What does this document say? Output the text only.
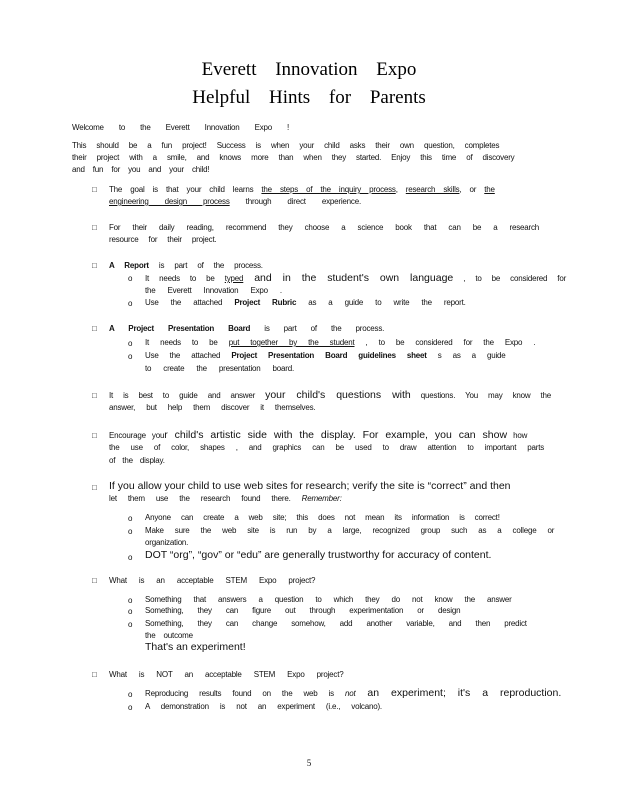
Everett Innovation Expo
Helpful Hints for Parents
Welcome to the Everett Innovation Expo !
This should be a fun project! Success is when your child asks their own question, completes
their project with a smile, and knows more than when they started. Enjoy this time of discovery
and fun for you and your child!
□ The goal is that your child learns the steps of the inquiry process, research skills, or the
engineering design process through direct experience.
□ For their daily reading, recommend they choose a science book that can be a research
resource for their project.
□ A Report is part of the process.
o It needs to be typed and in the student's own language , to be considered for
the Everett Innovation Expo .
o Use the attached Project Rubric as a guide to write the report.
□ A Project Presentation Board is part of the process.
o It needs to be put together by the student , to be considered for the Expo .
o Use the attached Project Presentation Board guidelines sheet s as a guide
to create the presentation board.
□ It is best to guide and answer your child's questions with questions. You may know the
answer, but help them discover it themselves.
□ Encourage your child's artistic side with the display. For example, you can show how
the use of color, shapes , and graphics can be used to draw attention to important parts
of the display.
□ If you allow your child to use web sites for research; verify the site is “correct” and then
let them use the research found there. Remember:
o Anyone can create a web site; this does not mean its information is correct!
o Make sure the web site is run by a large, recognized group such as a college or
organization.
o DOT “org”, “gov” or “edu” are generally trustworthy for accuracy of content.
□ What is an acceptable STEM Expo project?
o Something that answers a question to which they do not know the answer
o Something, they can figure out through experimentation or design
o Something, they can change somehow, add another variable, and then predict
the outcome
That's an experiment!
□ What is NOT an acceptable STEM Expo project?
o Reproducing results found on the web is not an experiment; it's a reproduction.
o A demonstration is not an experiment (i.e., volcano).
5
